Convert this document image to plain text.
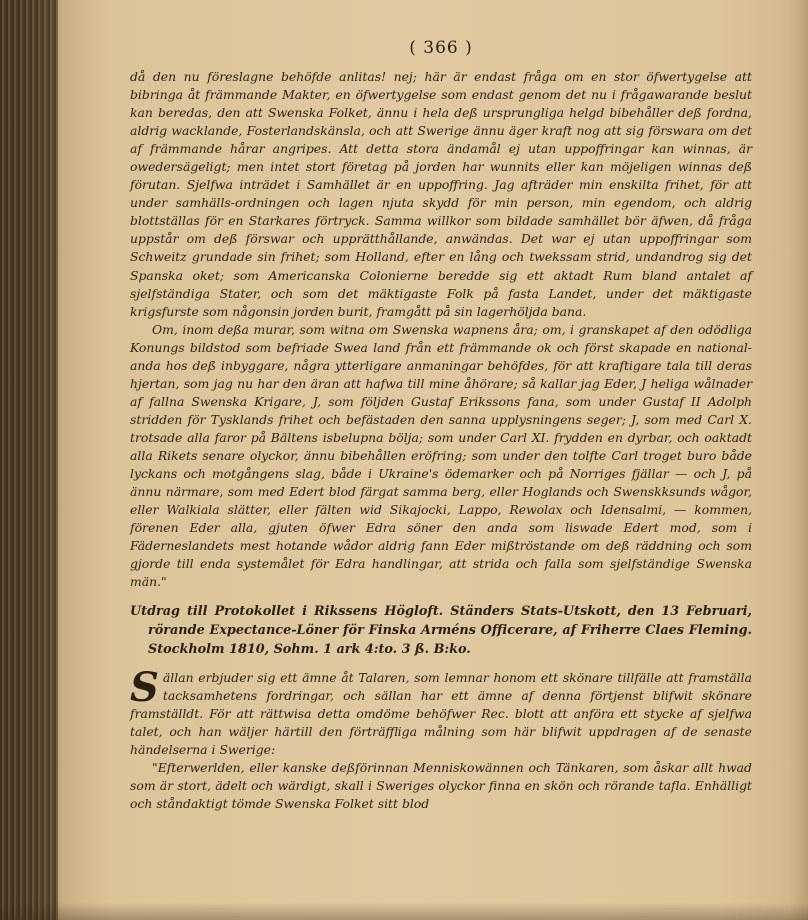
( 366 )

då den nu föreslagne behöfde anlitas! nej; här är endast fråga om en stor öfwertygelse att bibringa åt främmande Makter, en öfwertygelse som endast genom det nu i frågawarande beslut kan beredas, den att Swenska Folket, ännu i hela deß ursprungliga helgd bibehåller deß fordna, aldrig wacklande, Fosterlandskänsla, och att Swerige ännu äger kraft nog att sig förswara om det af främmande hårar angripes. Att detta stora ändamål ej utan uppoffringar kan winnas, är owedersägeligt; men intet stort företag på jorden har wunnits eller kan möjeligen winnas deß förutan. Sjelfwa inträdet i Samhället är en uppoffring. Jag afträder min enskilta frihet, för att under samhälls-ordningen och lagen njuta skydd för min person, min egendom, och aldrig blottställas för en Starkares förtryck. Samma willkor som bildade samhället bör äfwen, då fråga uppstår om deß förswar och upprätthållande, anwändas. Det war ej utan uppoffringar som Schweitz grundade sin frihet; som Holland, efter en lång och twekssam strid, undandrog sig det Spanska oket; som Americanska Colonierne beredde sig ett aktadt Rum bland antalet af sjelfständiga Stater, och som det mäktigaste Folk på fasta Landet, under det mäktigaste krigsfurste som någonsin jorden burit, framgått på sin lagerhöljda bana.

Om, inom deßa murar, som witna om Swenska wapnens åra; om, i granskapet af den odödliga Konungs bildstod som befriade Swea land från ett främmande ok och först skapade en national-anda hos deß inbyggare, några ytterligare anmaningar behöfdes, för att kraftigare tala till deras hjertan, som jag nu har den äran att hafwa till mine åhörare; så kallar jag Eder, J heliga wålnader af fallna Swenska Krigare, J, som följden Gustaf Erikssons fana, som under Gustaf II Adolph stridden för Tysklands frihet och befästaden den sanna upplysningens seger; J, som med Carl X. trotsade alla faror på Bältens isbelupna bölja; som under Carl XI. frydden en dyrbar, och oaktadt alla Rikets senare olyckor, ännu bibehållen eröfring; som under den tolfte Carl troget buro både lyckans och motgångens slag, både i Ukraine's ödemarker och på Norriges fjällar — och J, på ännu närmare, som med Edert blod färgat samma berg, eller Hoglands och Swenskksunds wågor, eller Walkiala slätter, eller fälten wid Sikajocki, Lappo, Rewolax och Idensalmi, — kommen, förenen Eder alla, gjuten öfwer Edra söner den anda som liswade Edert mod, som i Fäderneslandets mest hotande wådor aldrig fann Eder mißtröstande om deß räddning och som gjorde till enda systemålet för Edra handlingar, att strida och falla som sjelfständige Swenska män."

Utdrag till Protokollet i Rikssens Högloft. Ständers Stats-Utskott, den 13 Februari, rörande Expectance-Löner för Finska Arméns Officerare, af Friherre Claes Fleming. Stockholm 1810, Sohm. 1 ark 4:to. 3 ß. B:ko.

Sällan erbjuder sig ett ämne åt Talaren, som lemnar honom ett skönare tillfälle att framställa tacksamhetens fordringar, och sällan har ett ämne af denna förtjenst blifwit skönare framställdt. För att rättwisa detta omdöme behöfwer Rec. blott att anföra ett stycke af sjelfwa talet, och han wäljer härtill den förträffliga målning som här blifwit uppdragen af de senaste händelserna i Swerige:

"Efterwerlden, eller kanske deßförinnan Menniskowännen och Tänkaren, som åskar allt hwad som är stort, ädelt och wärdigt, skall i Sweriges olyckor finna en skön och rörande tafla. Enhälligt och ståndaktigt tömde Swenska Folket sitt blod
